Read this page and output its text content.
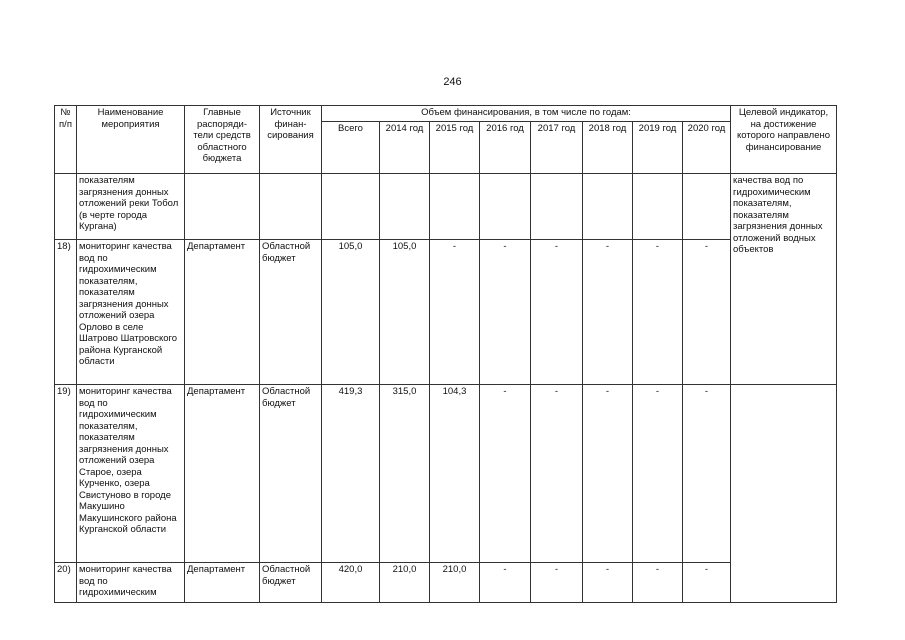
246
№ п/п	Наименование мероприятия	Главные распоряди-тели средств областного бюджета	Источник финан-сирования	Объем финансирования, в том числе по годам:								Целевой индикатор, на достижение которого направлено финансирование
				Всего	2014 год	2015 год	2016 год	2017 год	2018 год	2019 год	2020 год	
	показателям загрязнения донных отложений реки Тобол (в черте города Кургана)											качества вод по гидрохимическим показателям, показателям загрязнения донных отложений водных объектов
18)	мониторинг качества вод по гидрохимическим показателям, показателям загрязнения донных отложений озера Орлово в селе Шатрово Шатровского района Курганской области	Департамент	Областной бюджет	105,0	105,0	-	-	-	-	-	-	
19)	мониторинг качества вод по гидрохимическим показателям, показателям загрязнения донных отложений озера Старое, озера Курченко, озера Свистуново в городе Макушино Макушинского района Курганской области	Департамент	Областной бюджет	419,3	315,0	104,3	-	-	-	-	-	
20)	мониторинг качества вод по гидрохимическим	Департамент	Областной бюджет	420,0	210,0	210,0	-	-	-	-	-	
